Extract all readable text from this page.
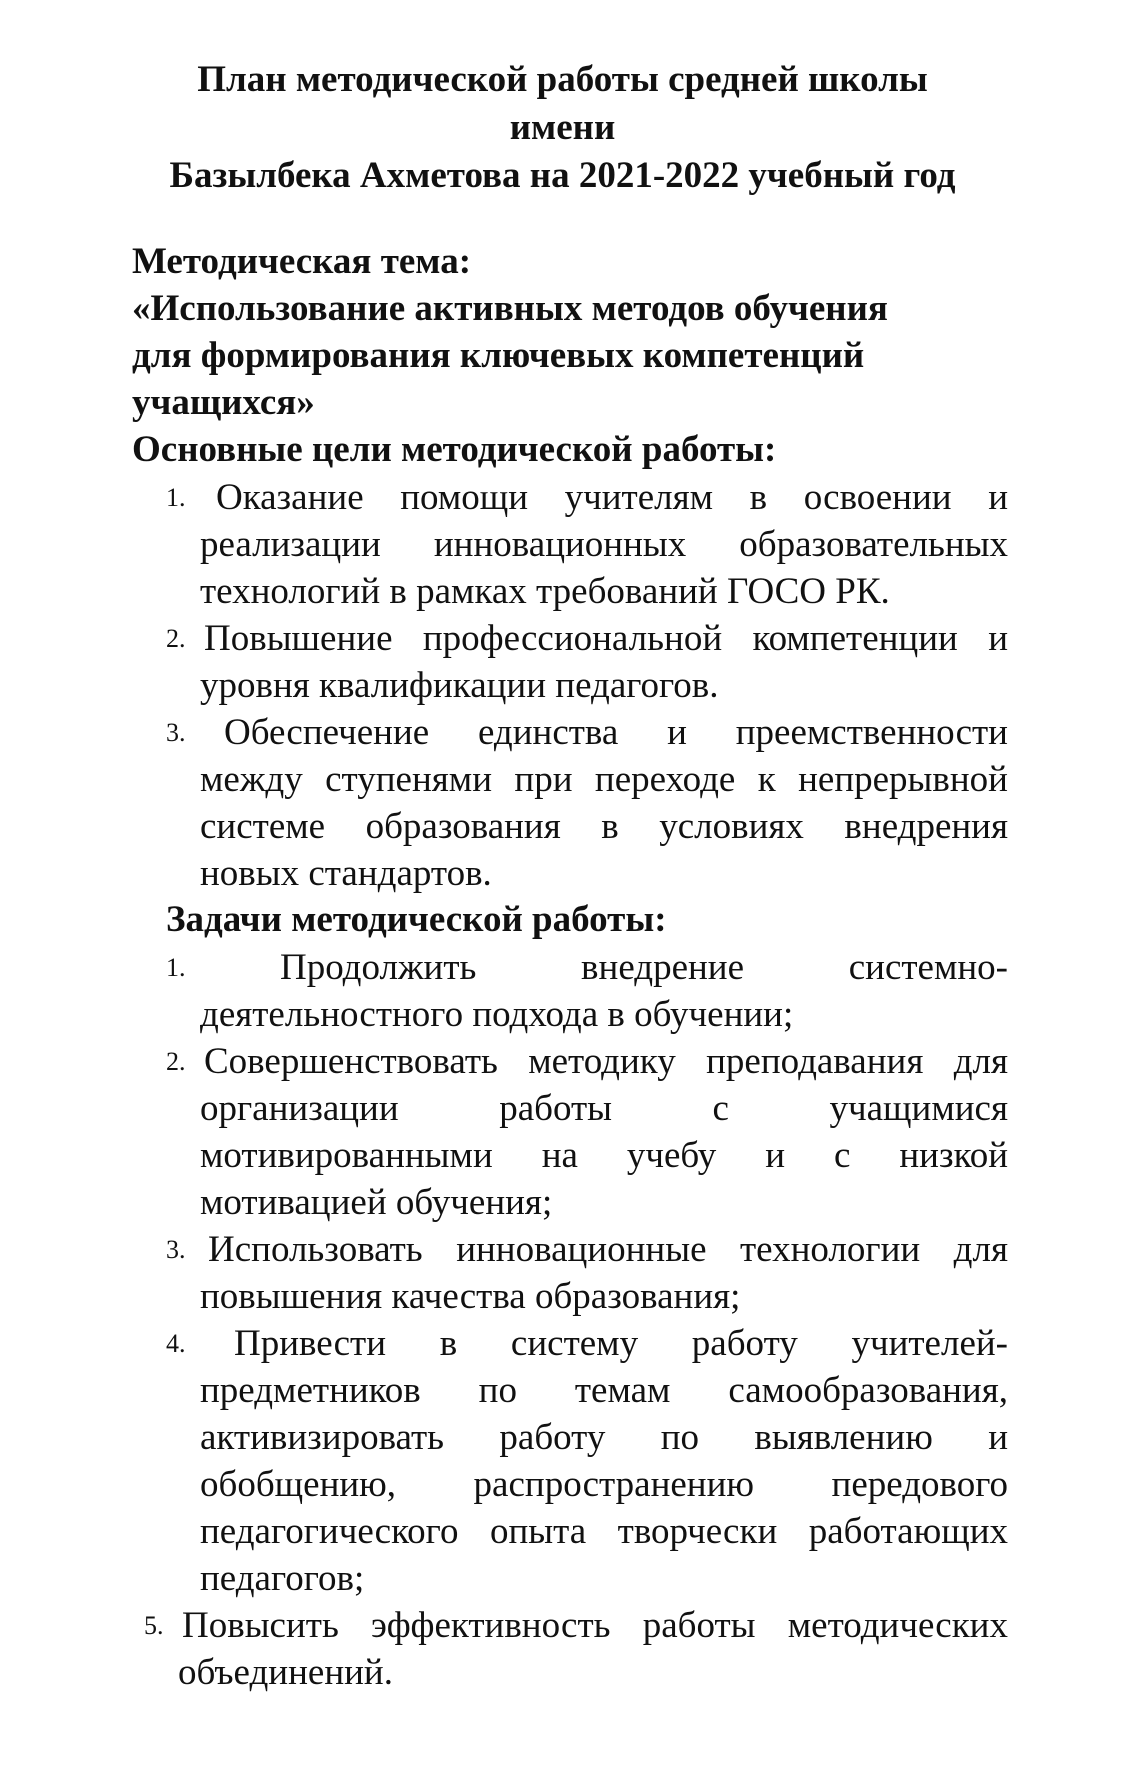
План методической работы средней школы
имени
Базылбека Ахметова на 2021-2022 учебный год
Методическая тема:
«Использование активных методов обучения
для формирования ключевых компетенций
учащихся»
Основные цели методической работы:
1. Оказание помощи учителям в освоении и
реализации инновационных образовательных
технологий в рамках требований ГОСО РК.
2. Повышение профессиональной компетенции и
уровня квалификации педагогов.
3.	Обеспечение единства и преемственности
между ступенями при переходе к непрерывной
системе образования в условиях внедрения
новых стандартов.
Задачи методической работы:
1.	Продолжить внедрение системно-
деятельностного подхода в обучении;
2. Совершенствовать методику преподавания для
организации работы с учащимися
мотивированными на учебу и с низкой
мотивацией обучения;
3. Использовать инновационные технологии для
повышения качества образования;
4.	Привести в систему работу учителей-
предметников по темам самообразования,
активизировать работу по выявлению и
обобщению, распространению передового
педагогического опыта творчески работающих
педагогов;
5. Повысить эффективность работы методических
объединений.
